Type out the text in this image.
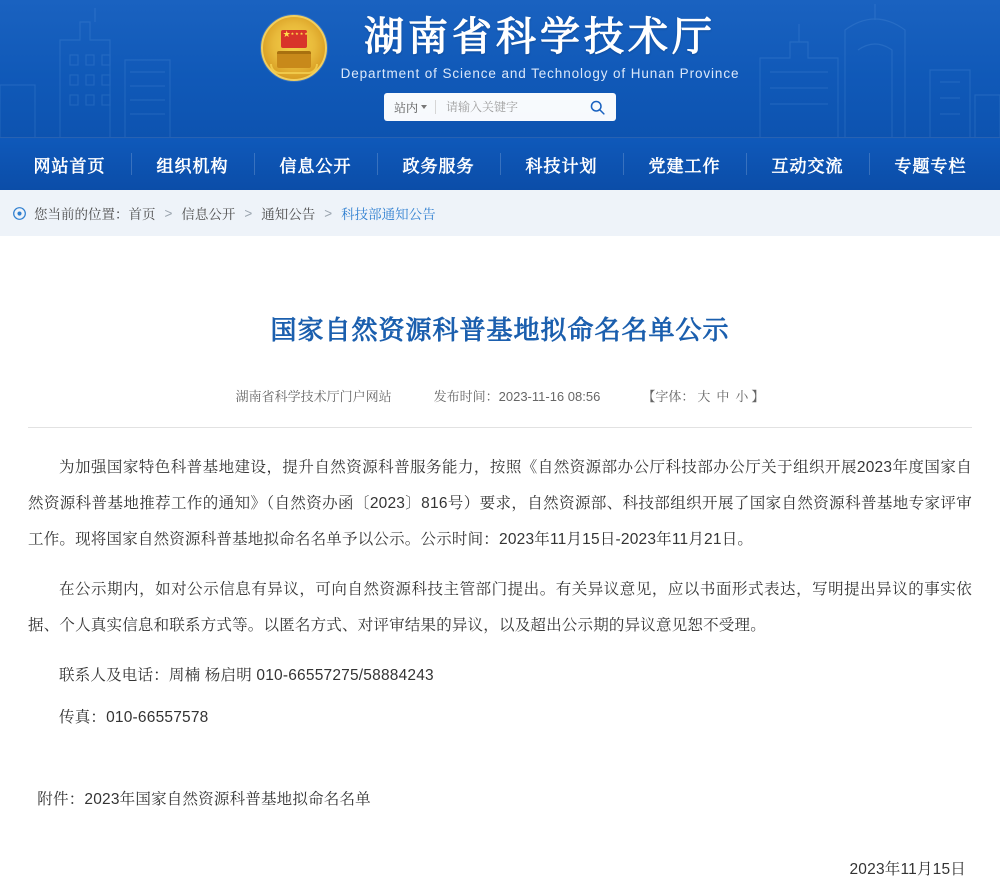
★ ★★★★
湖南省科学技术厅
Department of Science and Technology of Hunan Province
站内
请输入关键字
网站首页	组织机构	信息公开	政务服务	科技计划	党建工作	互动交流	专题专栏
您当前的位置： 首页 > 信息公开 > 通知公告 > 科技部通知公告
国家自然资源科普基地拟命名名单公示
湖南省科学技术厅门户网站	发布时间：2023-11-16 08:56	【字体： 大 中 小 】

为加强国家特色科普基地建设，提升自然资源科普服务能力，按照《自然资源部办公厅科技部办公厅关于组织开展2023年度国家自然资源科普基地推荐工作的通知》（自然资办函〔2023〕816号）要求，自然资源部、科技部组织开展了国家自然资源科普基地专家评审工作。现将国家自然资源科普基地拟命名名单予以公示。公示时间：2023年11月15日-2023年11月21日。

在公示期内，如对公示信息有异议，可向自然资源科技主管部门提出。有关异议意见，应以书面形式表达，写明提出异议的事实依据、个人真实信息和联系方式等。以匿名方式、对评审结果的异议，以及超出公示期的异议意见恕不受理。

联系人及电话：周楠 杨启明 010-66557275/58884243

传真：010-66557578

附件：2023年国家自然资源科普基地拟命名名单
2023年11月15日
